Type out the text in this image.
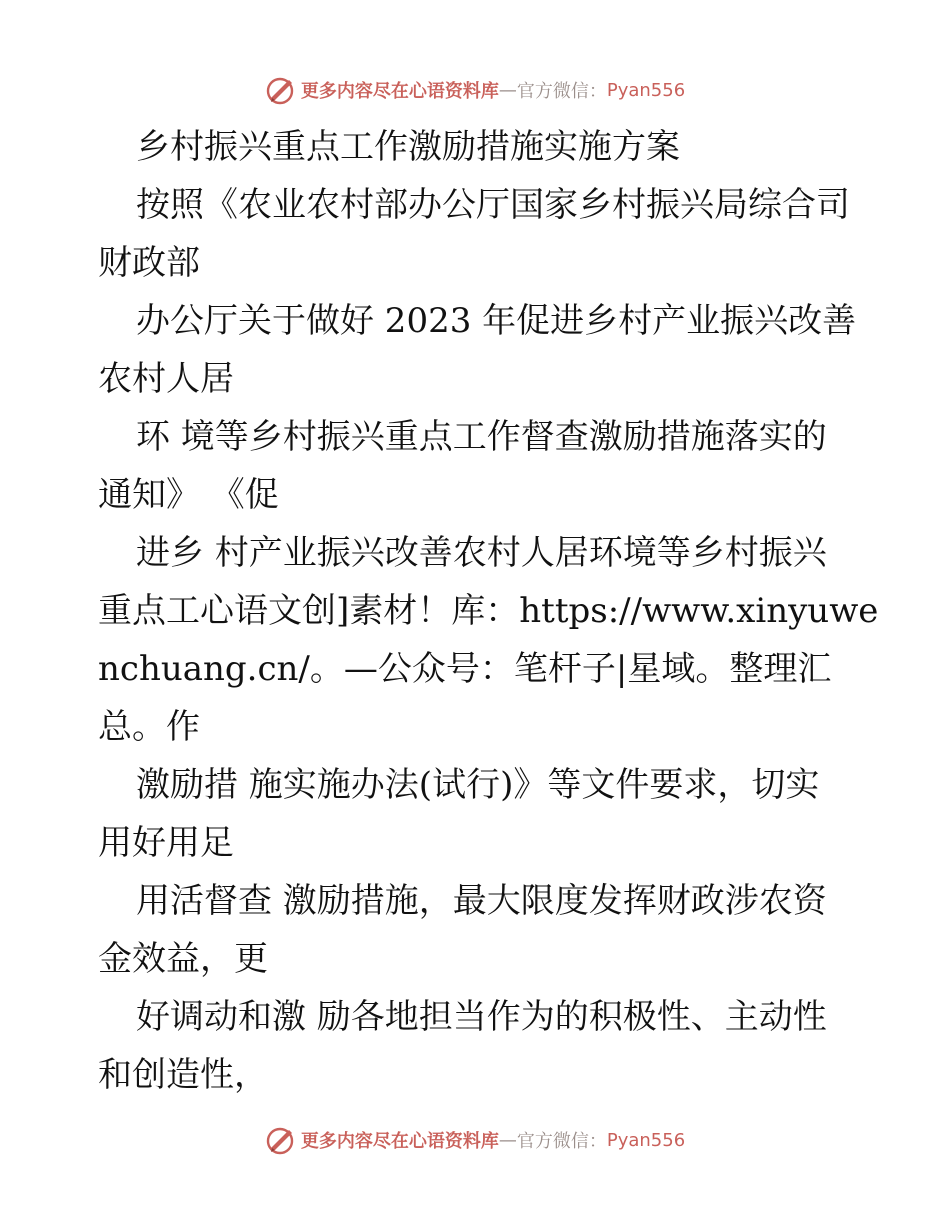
更多内容尽在心语资料库 — 官方微信： Pyan556
乡村振兴重点工作激励措施实施方案
按照《农业农村部办公厅国家乡村振兴局综合司
财政部
办公厅关于做好 2023 年促进乡村产业振兴改善
农村人居
环 境等乡村振兴重点工作督查激励措施落实的
通知》 《促
进乡 村产业振兴改善农村人居环境等乡村振兴
重点工心语文创]素材！库：https://www.xinyuwe
nchuang.cn/。—公众号：笔杆子|星域。整理汇
总。作
激励措 施实施办法(试行)》等文件要求，切实
用好用足
用活督查 激励措施，最大限度发挥财政涉农资
金效益，更
好调动和激 励各地担当作为的积极性、主动性
和创造性，
更多内容尽在心语资料库 — 官方微信： Pyan556
